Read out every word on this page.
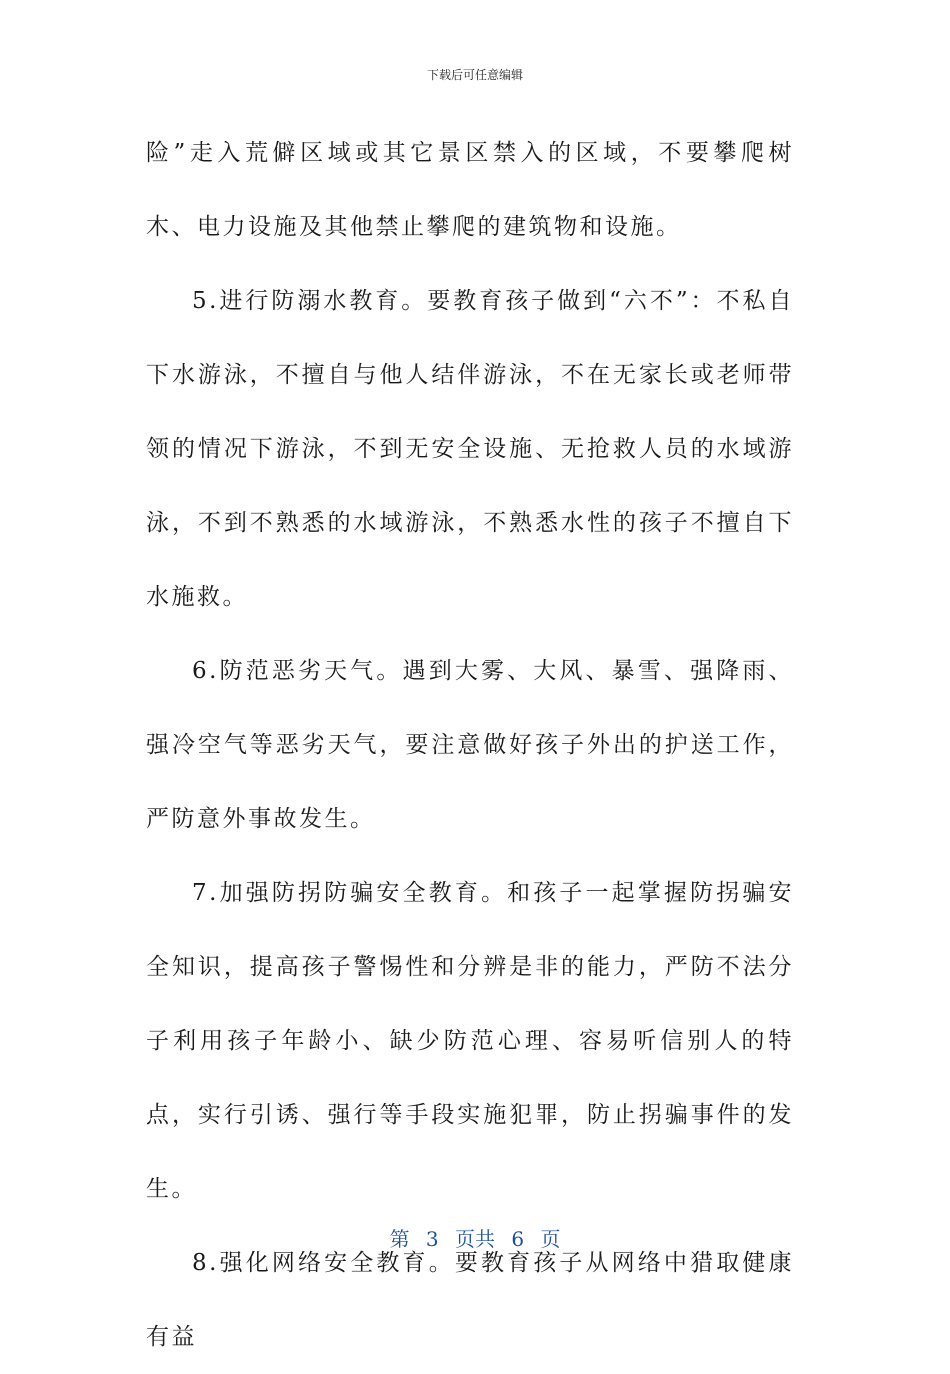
下载后可任意编辑

险”走入荒僻区域或其它景区禁入的区域，不要攀爬树木、电力设施及其他禁止攀爬的建筑物和设施。

5.进行防溺水教育。要教育孩子做到“六不”：不私自下水游泳，不擅自与他人结伴游泳，不在无家长或老师带领的情况下游泳，不到无安全设施、无抢救人员的水域游泳，不到不熟悉的水域游泳，不熟悉水性的孩子不擅自下水施救。

6.防范恶劣天气。遇到大雾、大风、暴雪、强降雨、强冷空气等恶劣天气，要注意做好孩子外出的护送工作，严防意外事故发生。

7.加强防拐防骗安全教育。和孩子一起掌握防拐骗安全知识，提高孩子警惕性和分辨是非的能力，严防不法分子利用孩子年龄小、缺少防范心理、容易听信别人的特点，实行引诱、强行等手段实施犯罪，防止拐骗事件的发生。

8.强化网络安全教育。要教育孩子从网络中猎取健康有益

第 3 页共 6 页
